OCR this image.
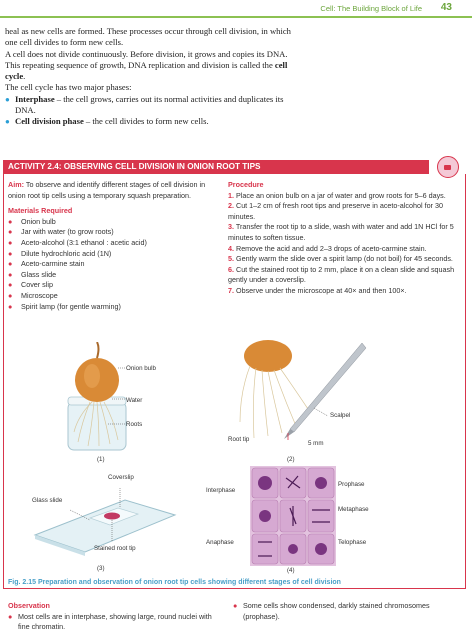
Cell: The Building Block of Life 43

heal as new cells are formed. These processes occur through cell division, in which one cell divides to form new cells.

A cell does not divide continuously. Before division, it grows and copies its DNA. This repeating sequence of growth, DNA replication and division is called the cell cycle.

The cell cycle has two major phases:

● Interphase – the cell grows, carries out its normal activities and duplicates its DNA.
● Cell division phase – the cell divides to form new cells.
ACTIVITY 2.4: OBSERVING CELL DIVISION IN ONION ROOT TIPS

Aim: To observe and identify different stages of cell division in onion root tip cells using a temporary squash preparation.

Materials Required

●	Onion bulb
●	Jar with water (to grow roots)
●	Aceto-alcohol (3:1 ethanol : acetic acid)
●	Dilute hydrochloric acid (1N)
●	Aceto-carmine stain
●	Glass slide
●	Cover slip
●	Microscope
●	Spirit lamp (for gentle warming)

Procedure

1. Place an onion bulb on a jar of water and grow roots for 5–6 days.

2. Cut 1–2 cm of fresh root tips and preserve in aceto-alcohol for 30 minutes.

3. Transfer the root tip to a slide, wash with water and add 1N HCl for 5 minutes to soften tissue.

4. Remove the acid and add 2–3 drops of aceto-carmine stain.

5. Gently warm the slide over a spirit lamp (do not boil) for 45 seconds.

6. Cut the stained root tip to 2 mm, place it on a clean slide and squash gently under a coverslip.

7. Observe under the microscope at 40× and then 100×.

Onion bulb
Water
Roots
(1)
Scalpel
Root tip
5 mm
(2)
Coverslip
Glass slide
Stained root tip
(3)
Interphase
Prophase
Metaphase
Anaphase	Telophase
(4)

Fig. 2.15 Preparation and observation of onion root tip cells showing different stages of cell division

Observation

● Most cells are in interphase, showing large, round nuclei with fine chromatin.
● Some cells show condensed, darkly stained chromosomes (prophase).
